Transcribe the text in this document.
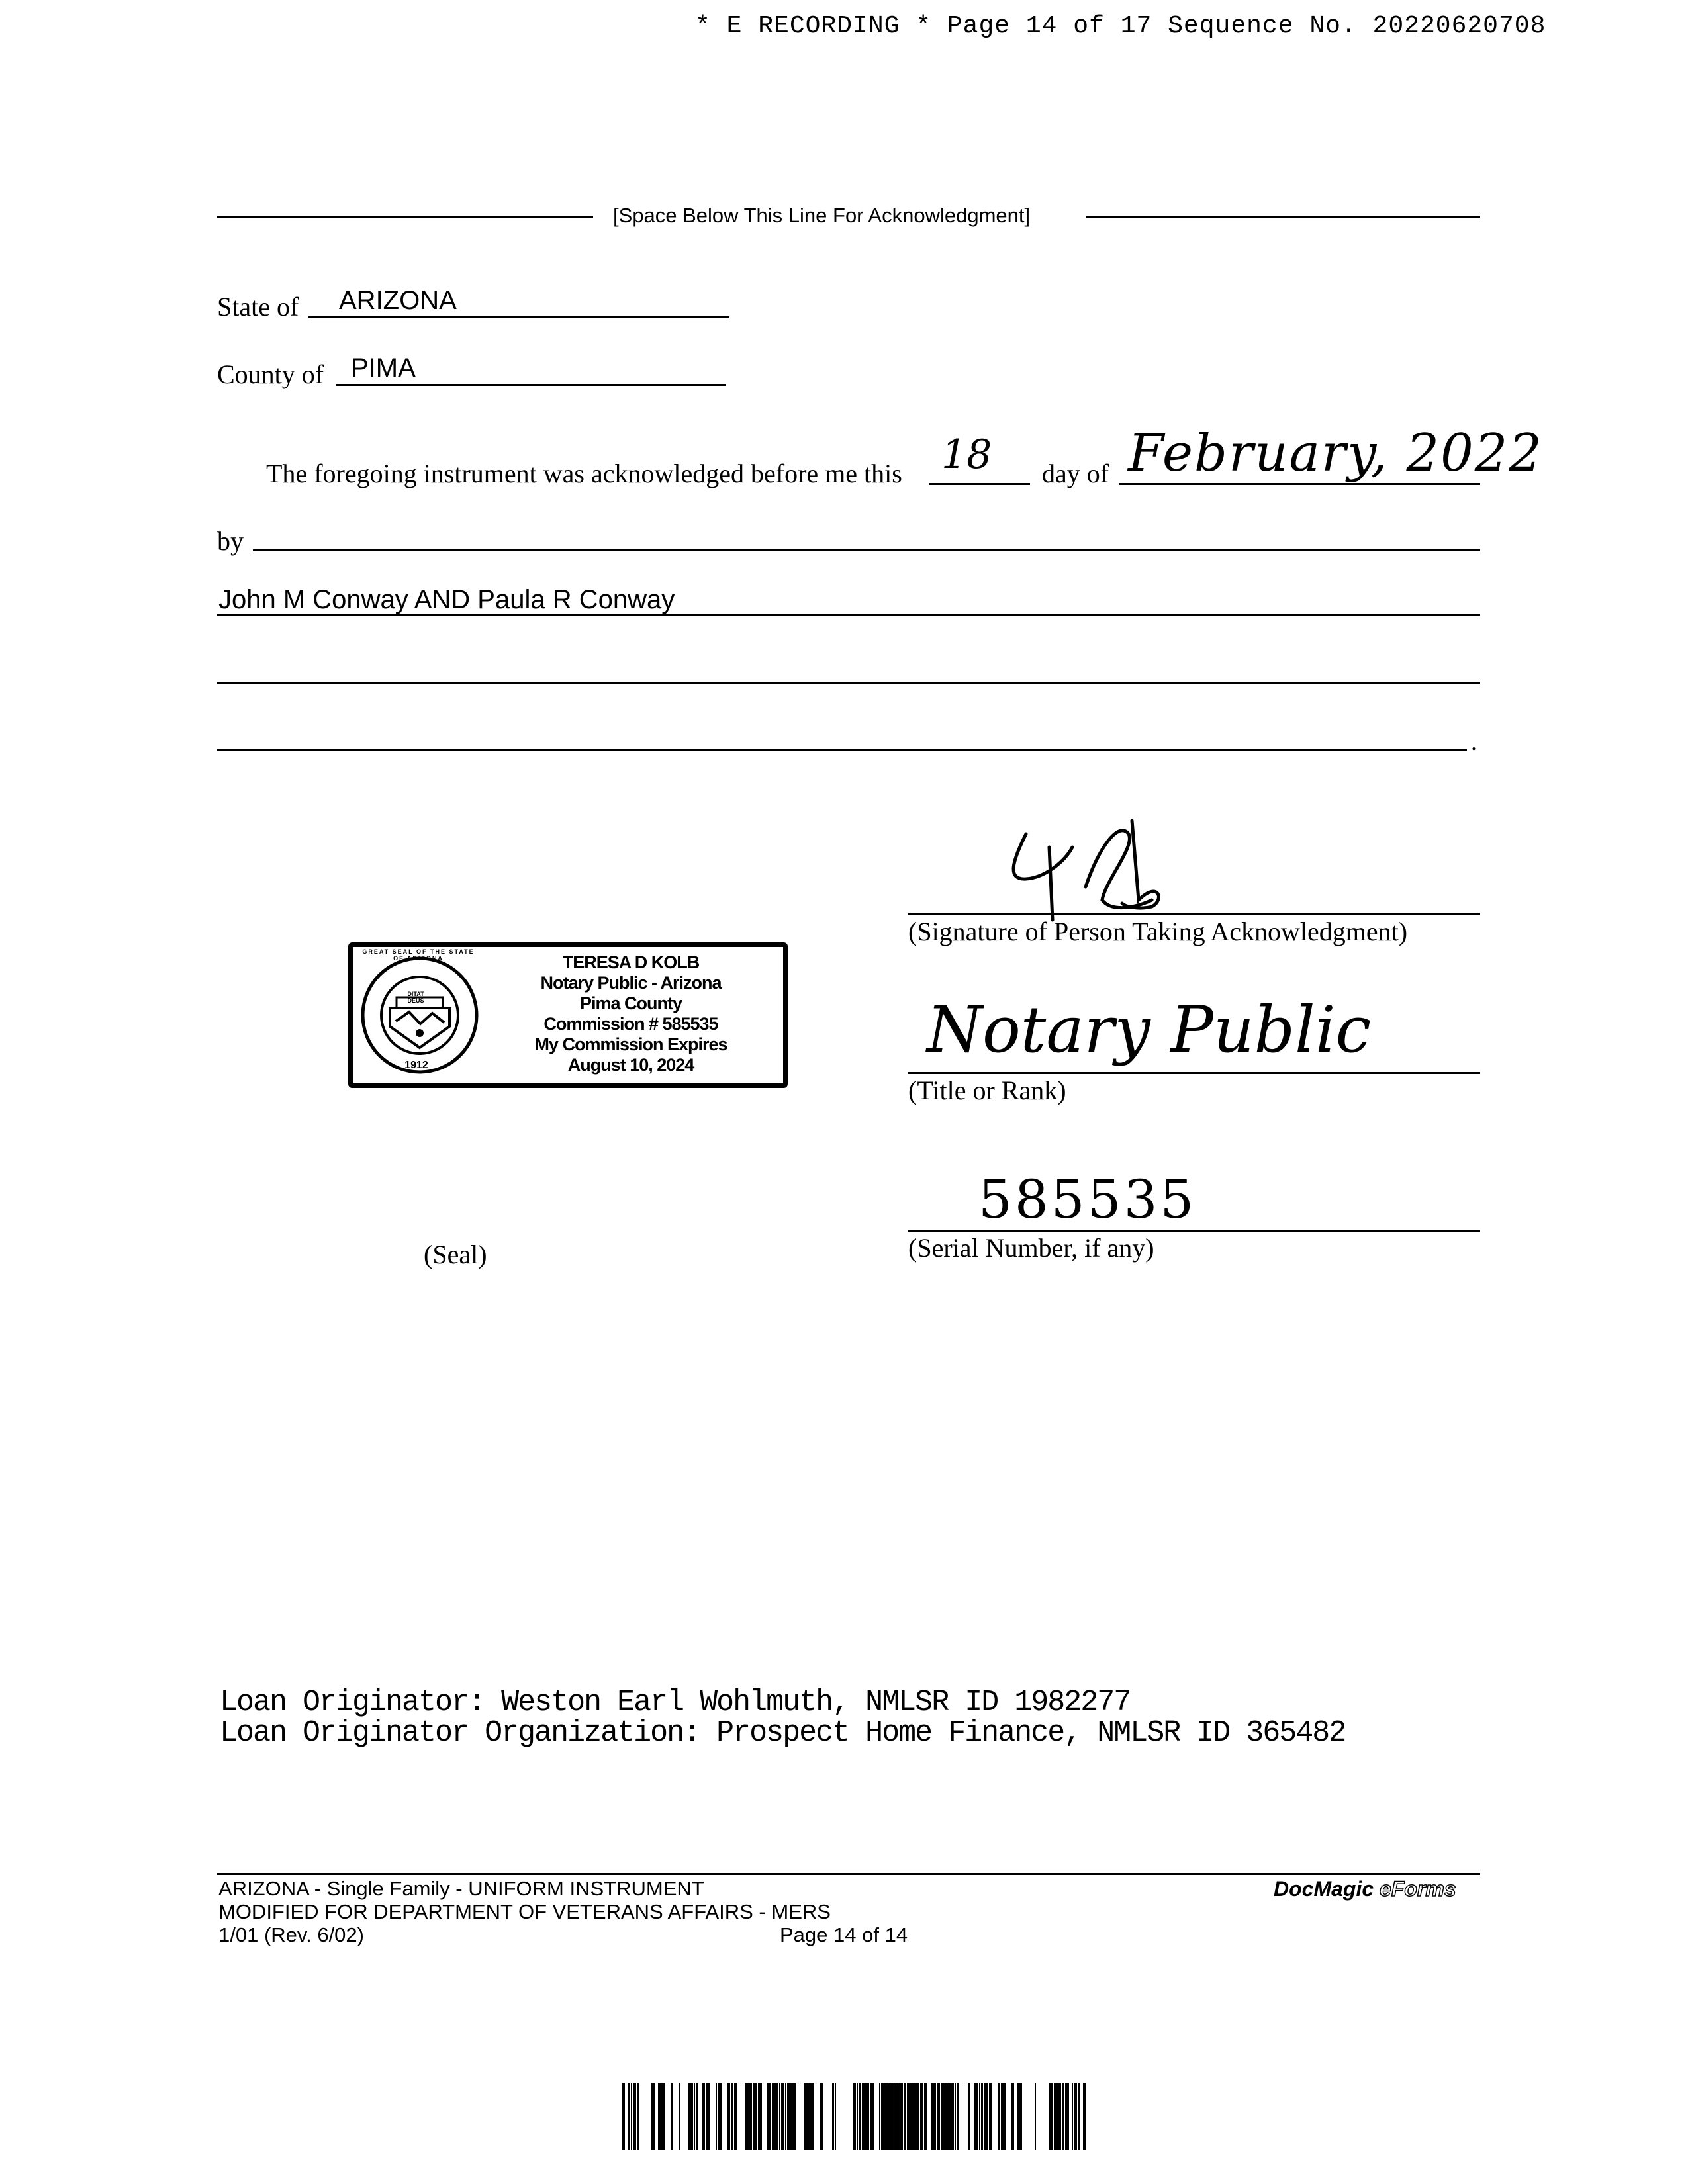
* E RECORDING * Page 14 of 17 Sequence No. 20220620708
[Space Below This Line For Acknowledgment]
State of ARIZONA
County of PIMA
The foregoing instrument was acknowledged before me this 18 day of February, 2022
by
John M Conway AND Paula R Conway
.
(Signature of Person Taking Acknowledgment)
GREAT SEAL OF THE STATE OF ARIZONA
DITAT DEUS
1912
TERESA D KOLB
Notary Public - Arizona
Pima County
Commission # 585535
My Commission Expires
August 10, 2024	Notary Public
(Title or Rank)
585535
(Serial Number, if any)
(Seal)
Loan Originator: Weston Earl Wohlmuth, NMLSR ID 1982277
Loan Originator Organization: Prospect Home Finance, NMLSR ID 365482
ARIZONA - Single Family - UNIFORM INSTRUMENT
MODIFIED FOR DEPARTMENT OF VETERANS AFFAIRS - MERS
1/01 (Rev. 6/02)	Page 14 of 14
DocMagic eForms
